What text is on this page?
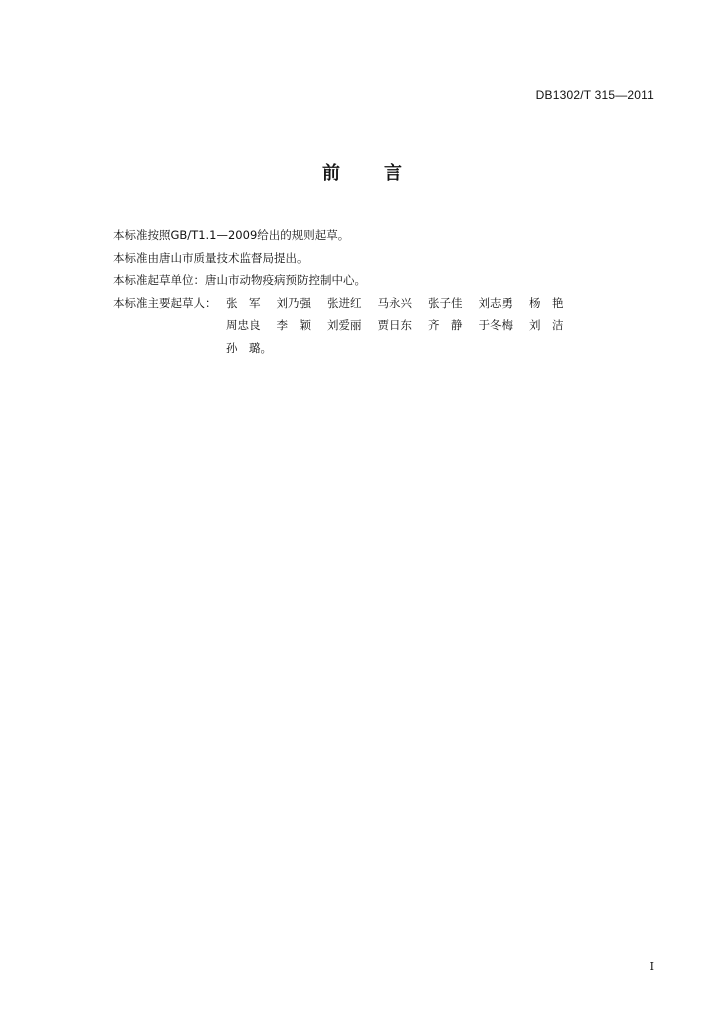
DB1302/T 315—2011
前 言
本标准按照GB/T1.1—2009给出的规则起草。
本标准由唐山市质量技术监督局提出。
本标准起草单位：唐山市动物疫病预防控制中心。
本标准主要起草人： 张　军	刘乃强	张进红	马永兴	张子佳	刘志勇	杨　艳
周忠良	李　颖	刘爱丽	贾日东	齐　静	于冬梅	刘　洁
孙　璐。
I
